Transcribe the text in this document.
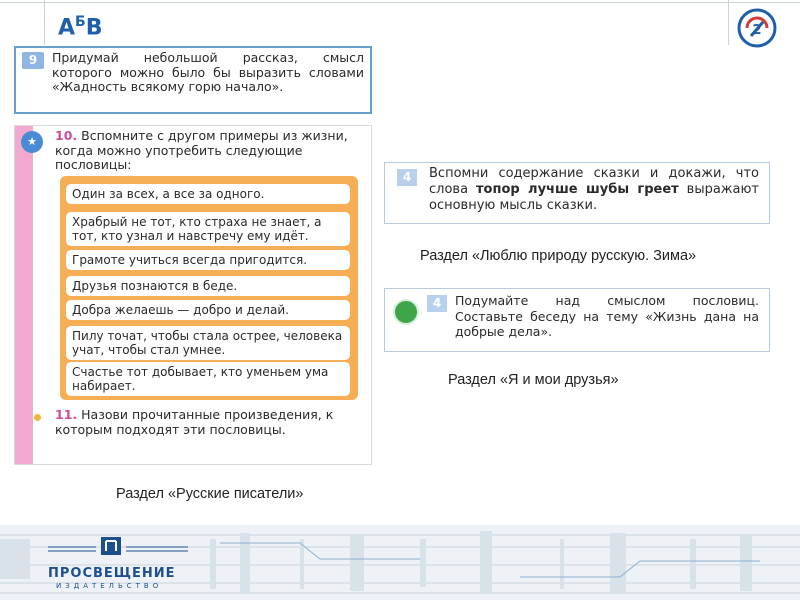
$А^БВ$	2
9	Придумай небольшой рассказ, смысл которого можно было бы выразить словами «Жадность всякому горю начало».
★	10. Вспомните с другом примеры из жизни, когда можно употребить следующие пословицы:
Один за всех, а все за одного.
Храбрый не тот, кто страха не знает, а тот, кто узнал и навстречу ему идёт.
Грамоте учиться всегда пригодится.
Друзья познаются в беде.
Добра желаешь — добро и делай.
Пилу точат, чтобы стала острее, человека учат, чтобы стал умнее.
Счастье тот добывает, кто уменьем ума набирает.
11. Назови прочитанные произведения, к которым подходят эти пословицы.
4	Вспомни содержание сказки и докажи, что слова топор лучше шубы греет выражают основную мысль сказки.
Раздел «Люблю природу русскую. Зима»
4	Подумайте над смыслом пословиц. Составьте беседу на тему «Жизнь дана на добрые дела».
Раздел «Я и мои друзья»
Раздел «Русские писатели»
ПРОСВЕЩЕНИЕ
ИЗДАТЕЛЬСТВО
